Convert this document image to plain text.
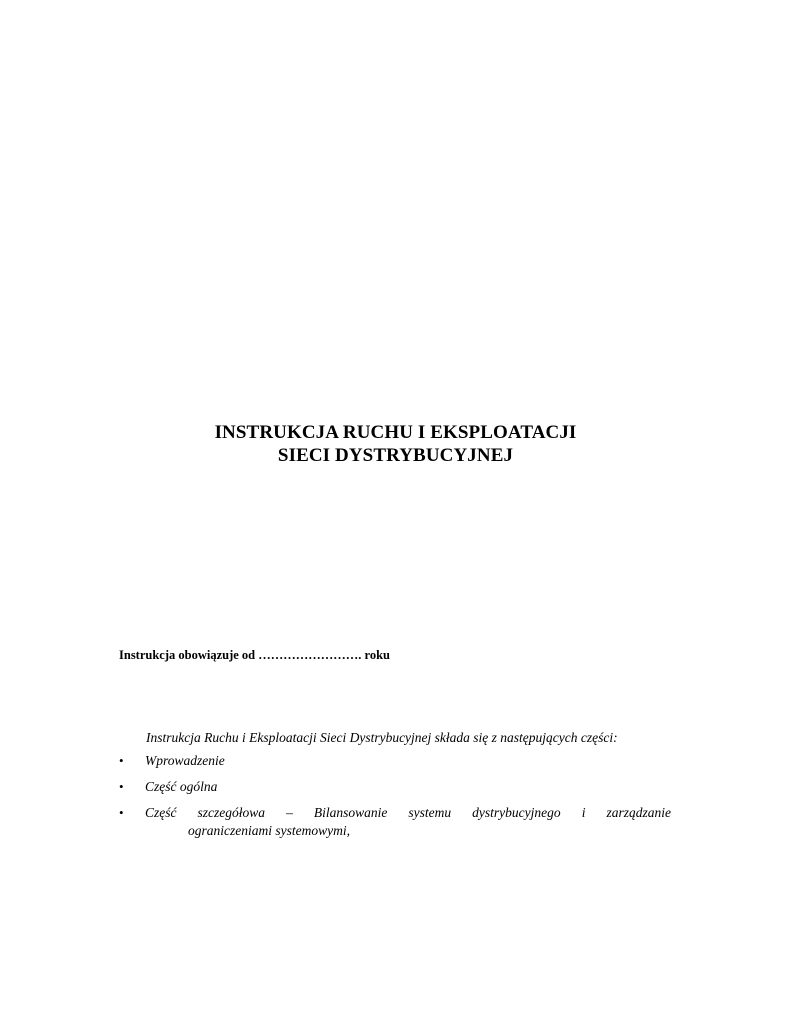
INSTRUKCJA RUCHU I EKSPLOATACJI
SIECI DYSTRYBUCYJNEJ
Instrukcja obowiązuje od ……………………. roku
Instrukcja Ruchu i Eksploatacji Sieci Dystrybucyjnej składa się z następujących części:
• Wprowadzenie
• Część ogólna
• Część szczegółowa – Bilansowanie systemu dystrybucyjnego i zarządzanie
ograniczeniami systemowymi,
